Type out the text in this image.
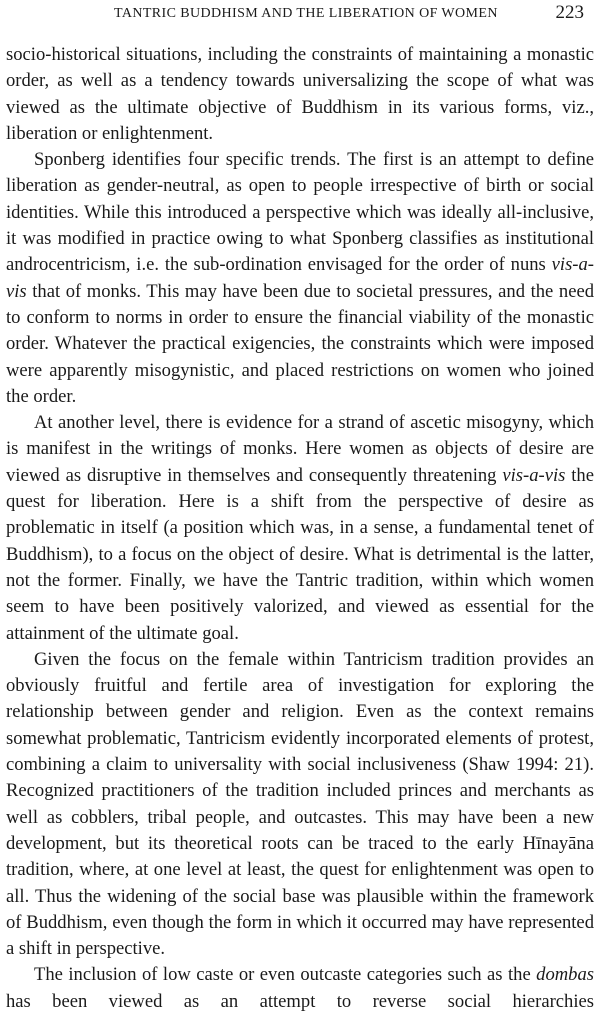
TANTRIC BUDDHISM AND THE LIBERATION OF WOMEN	223

socio-historical situations, including the constraints of maintaining a monastic order, as well as a tendency towards universalizing the scope of what was viewed as the ultimate objective of Buddhism in its various forms, viz., liberation or enlightenment.

Sponberg identifies four specific trends. The first is an attempt to define liberation as gender-neutral, as open to people irrespective of birth or social identities. While this introduced a perspective which was ideally all-inclusive, it was modified in practice owing to what Sponberg classifies as institutional androcentricism, i.e. the sub-ordination envisaged for the order of nuns vis-a-vis that of monks. This may have been due to societal pressures, and the need to conform to norms in order to ensure the financial viability of the monastic order. Whatever the practical exigencies, the constraints which were imposed were apparently misogynistic, and placed restrictions on women who joined the order.

At another level, there is evidence for a strand of ascetic misogyny, which is manifest in the writings of monks. Here women as objects of desire are viewed as disruptive in themselves and consequently threatening vis-a-vis the quest for liberation. Here is a shift from the perspective of desire as problematic in itself (a position which was, in a sense, a fundamental tenet of Buddhism), to a focus on the object of desire. What is detrimental is the latter, not the former. Finally, we have the Tantric tradition, within which women seem to have been positively valorized, and viewed as essential for the attainment of the ultimate goal.

Given the focus on the female within Tantricism tradition provides an obviously fruitful and fertile area of investigation for exploring the relationship between gender and religion. Even as the context remains somewhat problematic, Tantricism evidently incorporated elements of protest, combining a claim to universality with social inclusiveness (Shaw 1994: 21). Recognized practitioners of the tradition included princes and merchants as well as cobblers, tribal people, and outcastes. This may have been a new development, but its theoretical roots can be traced to the early Hīnayāna tradition, where, at one level at least, the quest for enlightenment was open to all. Thus the widening of the social base was plausible within the framework of Buddhism, even though the form in which it occurred may have represented a shift in perspective.

The inclusion of low caste or even outcaste categories such as the dombas has been viewed as an attempt to reverse social hierarchies
